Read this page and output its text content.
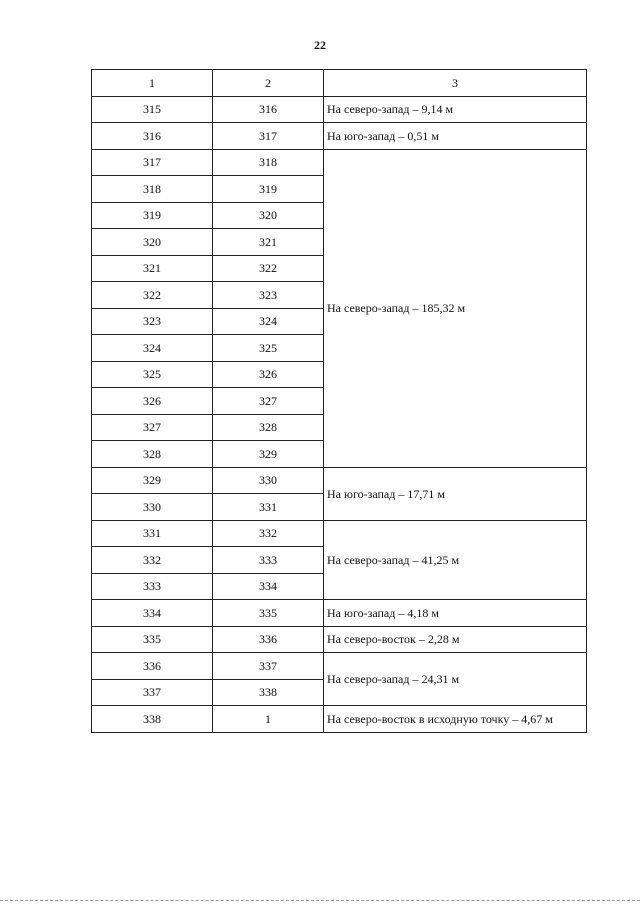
22
1	2	3
315	316	На северо-запад – 9,14 м
316	317	На юго-запад – 0,51 м
317	318	На северо-запад – 185,32 м
318	319	
319	320	
320	321	
321	322	
322	323	
323	324	
324	325	
325	326	
326	327	
327	328	
328	329	
329	330	На юго-запад – 17,71 м
330	331	
331	332	На северо-запад – 41,25 м
332	333	
333	334	
334	335	На юго-запад – 4,18 м
335	336	На северо-восток – 2,28 м
336	337	На северо-запад – 24,31 м
337	338	
338	1	На северо-восток в исходную точку – 4,67 м
